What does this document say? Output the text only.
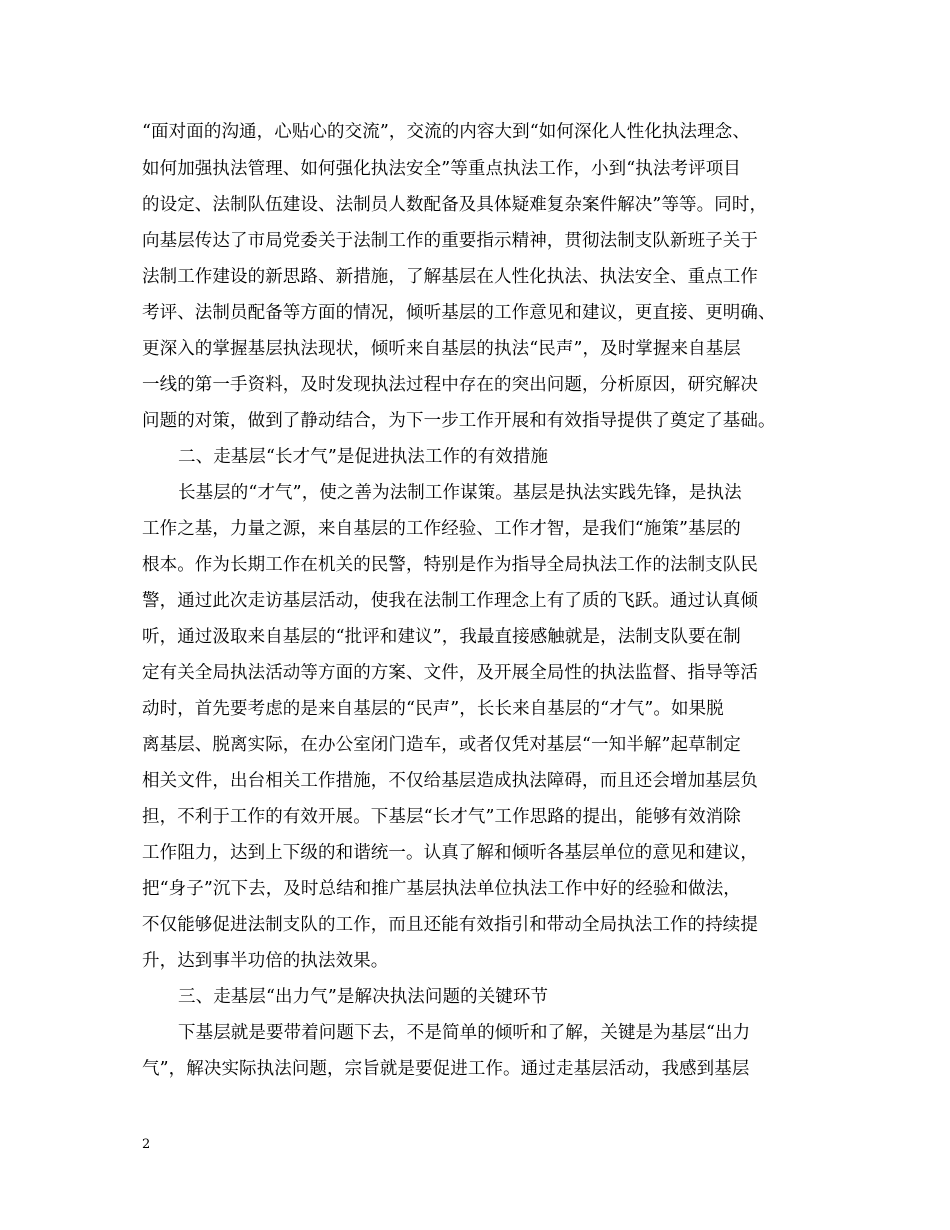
“面对面的沟通，心贴心的交流”，交流的内容大到“如何深化人性化执法理念、
如何加强执法管理、如何强化执法安全”等重点执法工作，小到“执法考评项目
的设定、法制队伍建设、法制员人数配备及具体疑难复杂案件解决”等等。同时，
向基层传达了市局党委关于法制工作的重要指示精神，贯彻法制支队新班子关于
法制工作建设的新思路、新措施，了解基层在人性化执法、执法安全、重点工作
考评、法制员配备等方面的情况，倾听基层的工作意见和建议，更直接、更明确、
更深入的掌握基层执法现状，倾听来自基层的执法“民声”，及时掌握来自基层
一线的第一手资料，及时发现执法过程中存在的突出问题，分析原因，研究解决
问题的对策，做到了静动结合，为下一步工作开展和有效指导提供了奠定了基础。
二、走基层“长才气”是促进执法工作的有效措施
长基层的“才气”，使之善为法制工作谋策。基层是执法实践先锋，是执法
工作之基，力量之源，来自基层的工作经验、工作才智，是我们“施策”基层的
根本。作为长期工作在机关的民警，特别是作为指导全局执法工作的法制支队民
警，通过此次走访基层活动，使我在法制工作理念上有了质的飞跃。通过认真倾
听，通过汲取来自基层的“批评和建议”，我最直接感触就是，法制支队要在制
定有关全局执法活动等方面的方案、文件，及开展全局性的执法监督、指导等活
动时，首先要考虑的是来自基层的“民声”，长长来自基层的“才气”。如果脱
离基层、脱离实际，在办公室闭门造车，或者仅凭对基层“一知半解”起草制定
相关文件，出台相关工作措施，不仅给基层造成执法障碍，而且还会增加基层负
担，不利于工作的有效开展。下基层“长才气”工作思路的提出，能够有效消除
工作阻力，达到上下级的和谐统一。认真了解和倾听各基层单位的意见和建议，
把“身子”沉下去，及时总结和推广基层执法单位执法工作中好的经验和做法，
不仅能够促进法制支队的工作，而且还能有效指引和带动全局执法工作的持续提
升，达到事半功倍的执法效果。
三、走基层“出力气”是解决执法问题的关键环节
下基层就是要带着问题下去，不是简单的倾听和了解，关键是为基层“出力
气”，解决实际执法问题，宗旨就是要促进工作。通过走基层活动，我感到基层
2
